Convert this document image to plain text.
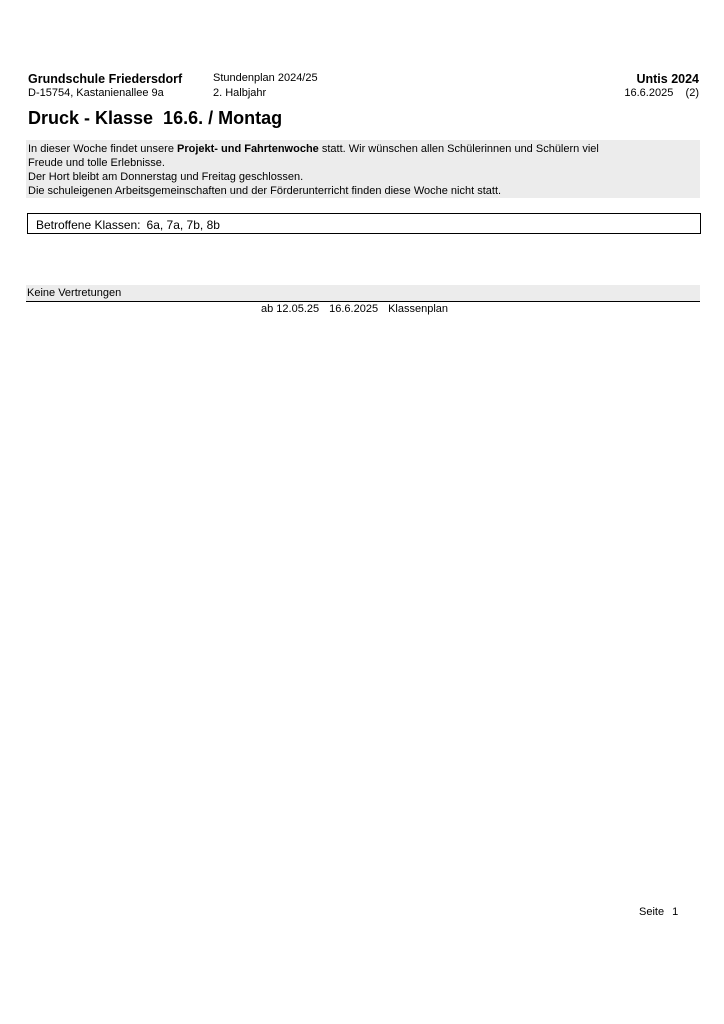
Grundschule Friedersdorf
D-15754, Kastanienallee 9a
Stundenplan 2024/25
2. Halbjahr
Untis 2024
16.6.2025 (2)
Druck - Klasse  16.6. / Montag
In dieser Woche findet unsere Projekt- und Fahrtenwoche statt. Wir wünschen allen Schülerinnen und Schülern viel
Freude und tolle Erlebnisse.
Der Hort bleibt am Donnerstag und Freitag geschlossen.
Die schuleigenen Arbeitsgemeinschaften und der Förderunterricht finden diese Woche nicht statt.
Betroffene Klassen: 6a, 7a, 7b, 8b
Keine Vertretungen
ab 12.05.25 16.6.2025 Klassenplan
Seite 1
